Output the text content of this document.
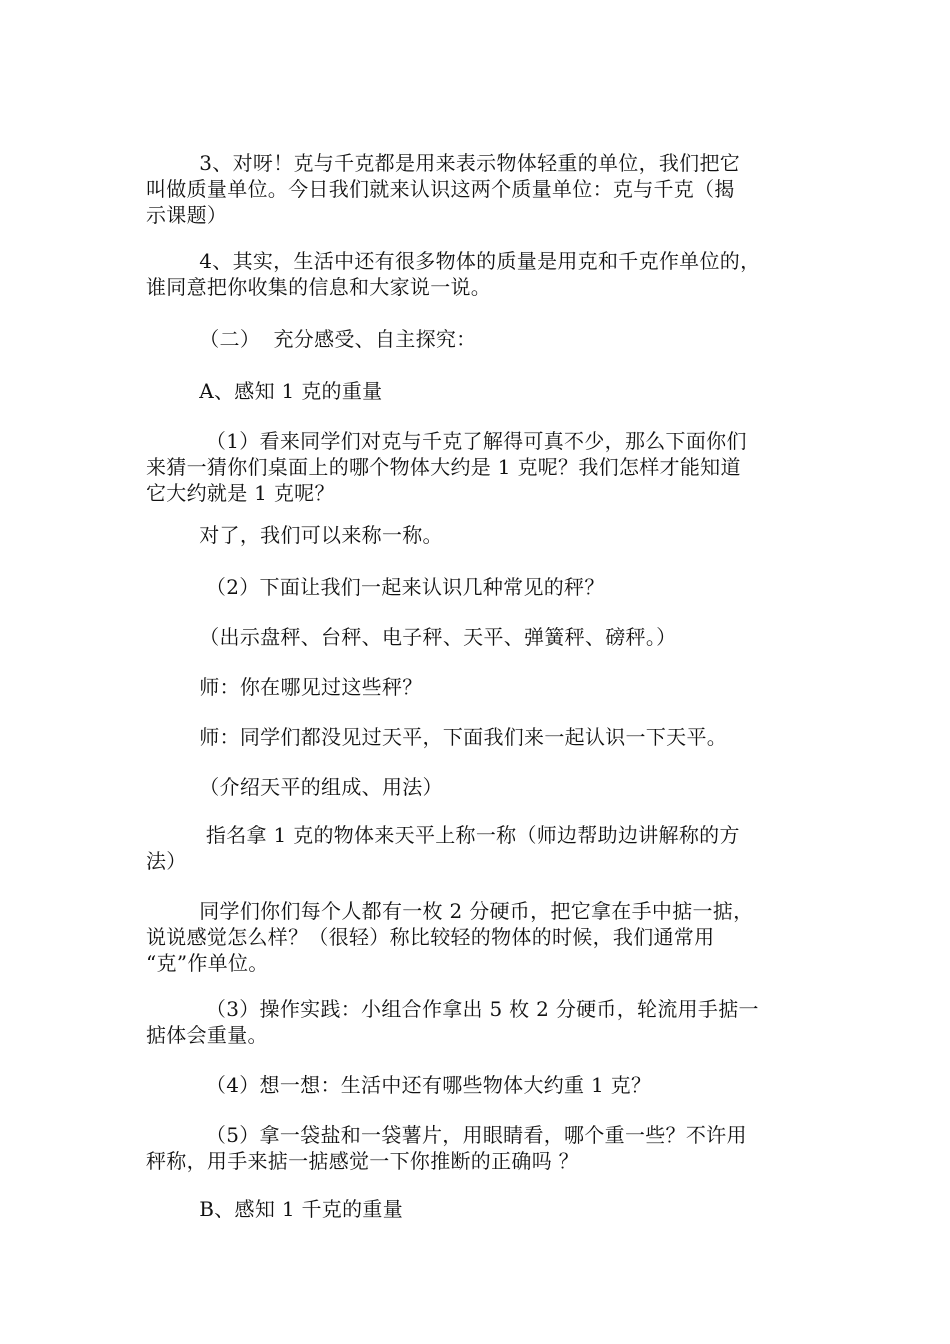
3、对呀！克与千克都是用来表示物体轻重的单位，我们把它
叫做质量单位。今日我们就来认识这两个质量单位：克与千克（揭
示课题）
4、其实，生活中还有很多物体的质量是用克和千克作单位的，
谁同意把你收集的信息和大家说一说。
（二）  充分感受、自主探究：
A、感知 1 克的重量
（1）看来同学们对克与千克了解得可真不少，那么下面你们
来猜一猜你们桌面上的哪个物体大约是 1 克呢？我们怎样才能知道
它大约就是 1 克呢？
对了，我们可以来称一称。
（2）下面让我们一起来认识几种常见的秤？
（出示盘秤、台秤、电子秤、天平、弹簧秤、磅秤。）
师：你在哪见过这些秤？
师：同学们都没见过天平，下面我们来一起认识一下天平。
（介绍天平的组成、用法）
指名拿 1 克的物体来天平上称一称（师边帮助边讲解称的方
法）
同学们你们每个人都有一枚 2 分硬币，把它拿在手中掂一掂，
说说感觉怎么样？（很轻）称比较轻的物体的时候，我们通常用
“克”作单位。
（3）操作实践：小组合作拿出 5 枚 2 分硬币，轮流用手掂一
掂体会重量。
（4）想一想：生活中还有哪些物体大约重 1 克？
（5）拿一袋盐和一袋薯片，用眼睛看，哪个重一些？不许用
秤称，用手来掂一掂感觉一下你推断的正确吗 ？
B、感知 1 千克的重量
